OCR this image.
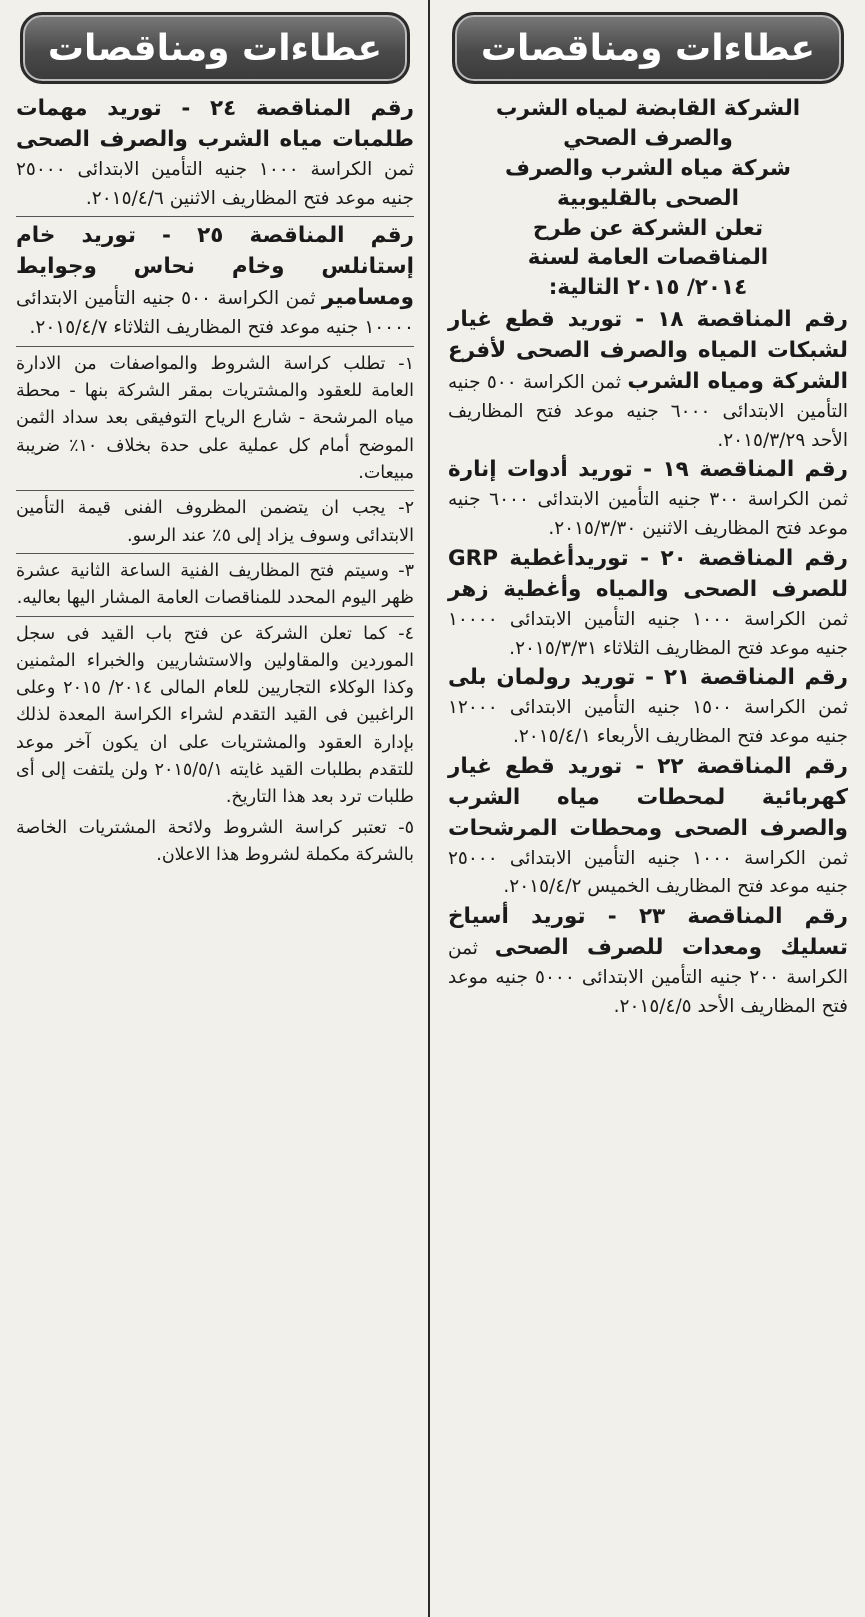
عطاءات ومناقصات
الشركة القابضة لمياه الشرب
والصرف الصحي
شركة مياه الشرب والصرف
الصحى بالقليوبية
تعلن الشركة عن طرح
المناقصات العامة لسنة
٢٠١٤/ ٢٠١٥ التالية:
رقم المناقصة ١٨ - توريد قطع غيار لشبكات المياه والصرف الصحى لأفرع الشركة ومياه الشرب ثمن الكراسة ٥٠٠ جنيه التأمين الابتدائى ٦٠٠٠ جنيه موعد فتح المظاريف الأحد ٢٠١٥/٣/٢٩.
رقم المناقصة ١٩ - توريد أدوات إنارة ثمن الكراسة ٣٠٠ جنيه التأمين الابتدائى ٦٠٠٠ جنيه موعد فتح المظاريف الاثنين ٢٠١٥/٣/٣٠.
رقم المناقصة ٢٠ - توريدأغطية GRP للصرف الصحى والمياه وأغطية زهر ثمن الكراسة ١٠٠٠ جنيه التأمين الابتدائى ١٠٠٠٠ جنيه موعد فتح المظاريف الثلاثاء ٢٠١٥/٣/٣١.
رقم المناقصة ٢١ - توريد رولمان بلى ثمن الكراسة ١٥٠٠ جنيه التأمين الابتدائى ١٢٠٠٠ جنيه موعد فتح المظاريف الأربعاء ٢٠١٥/٤/١.
رقم المناقصة ٢٢ - توريد قطع غيار كهربائية لمحطات مياه الشرب والصرف الصحى ومحطات المرشحات ثمن الكراسة ١٠٠٠ جنيه التأمين الابتدائى ٢٥٠٠٠ جنيه موعد فتح المظاريف الخميس ٢٠١٥/٤/٢.
رقم المناقصة ٢٣ - توريد أسياخ تسليك ومعدات للصرف الصحى ثمن الكراسة ٢٠٠ جنيه التأمين الابتدائى ٥٠٠٠ جنيه موعد فتح المظاريف الأحد ٢٠١٥/٤/٥.
عطاءات ومناقصات
رقم المناقصة ٢٤ - توريد مهمات طلمبات مياه الشرب والصرف الصحى ثمن الكراسة ١٠٠٠ جنيه التأمين الابتدائى ٢٥٠٠٠ جنيه موعد فتح المظاريف الاثنين ٢٠١٥/٤/٦.
رقم المناقصة ٢٥ - توريد خام إستانلس وخام نحاس وجوايط ومسامير ثمن الكراسة ٥٠٠ جنيه التأمين الابتدائى ١٠٠٠٠ جنيه موعد فتح المظاريف الثلاثاء ٢٠١٥/٤/٧.
١- تطلب كراسة الشروط والمواصفات من الادارة العامة للعقود والمشتريات بمقر الشركة بنها - محطة مياه المرشحة - شارع الرياح التوفيقى بعد سداد الثمن الموضح أمام كل عملية على حدة بخلاف ١٠٪ ضريبة مبيعات.
٢- يجب ان يتضمن المظروف الفنى قيمة التأمين الابتدائى وسوف يزاد إلى ٥٪ عند الرسو.
٣- وسيتم فتح المظاريف الفنية الساعة الثانية عشرة ظهر اليوم المحدد للمناقصات العامة المشار اليها بعاليه.
٤- كما تعلن الشركة عن فتح باب القيد فى سجل الموردين والمقاولين والاستشاريين والخبراء المثمنين وكذا الوكلاء التجاريين للعام المالى ٢٠١٤/ ٢٠١٥ وعلى الراغبين فى القيد التقدم لشراء الكراسة المعدة لذلك بإدارة العقود والمشتريات على ان يكون آخر موعد للتقدم بطلبات القيد غايته ٢٠١٥/٥/١ ولن يلتفت إلى أى طلبات ترد بعد هذا التاريخ.
٥- تعتبر كراسة الشروط ولائحة المشتريات الخاصة بالشركة مكملة لشروط هذا الاعلان.
